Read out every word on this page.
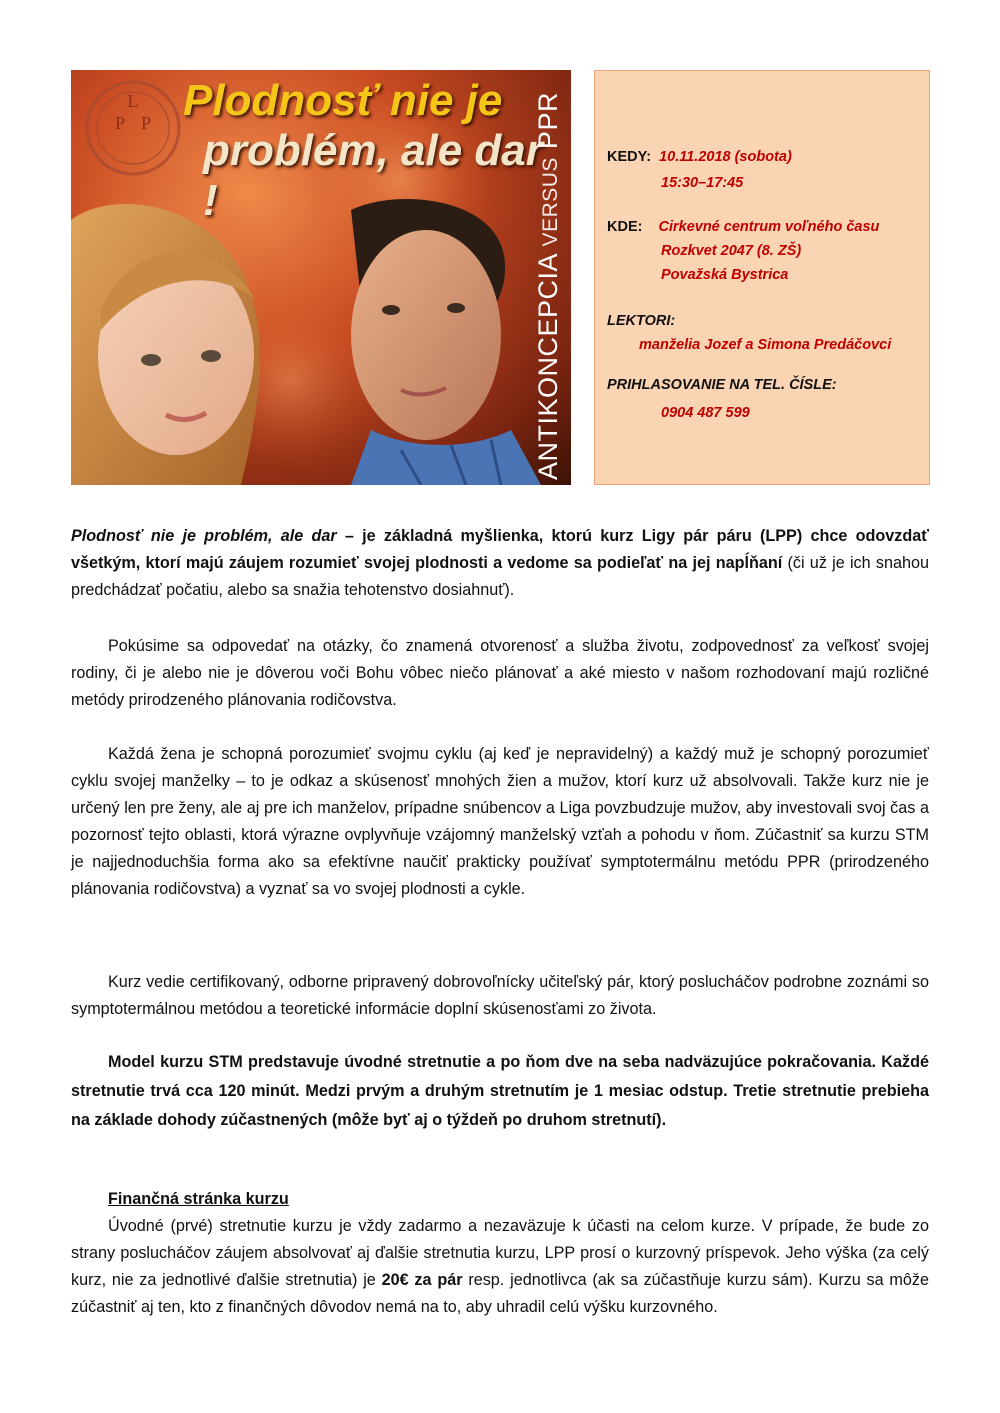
L
P P Plodnosť nie je
problém, ale dar !
ANTIKONCEPCIA VERSUS PPR
KEDY: 10.11.2018 (sobota)
15:30–17:45
KDE: Cirkevné centrum voľného času
Rozkvet 2047 (8. ZŠ)
Považská Bystrica
LEKTORI:
manželia Jozef a Simona Predáčovci
PRIHLASOVANIE NA TEL. ČÍSLE:
0904 487 599

Plodnosť nie je problém, ale dar – je základná myšlienka, ktorú kurz Ligy pár páru (LPP) chce odovzdať všetkým, ktorí majú záujem rozumieť svojej plodnosti a vedome sa podieľať na jej napĺňaní (či už je ich snahou predchádzať počatiu, alebo sa snažia tehotenstvo dosiahnuť).

Pokúsime sa odpovedať na otázky, čo znamená otvorenosť a služba životu, zodpovednosť za veľkosť svojej rodiny, či je alebo nie je dôverou voči Bohu vôbec niečo plánovať a aké miesto v našom rozhodovaní majú rozličné metódy prirodzeného plánovania rodičovstva.

Každá žena je schopná porozumieť svojmu cyklu (aj keď je nepravidelný) a každý muž je schopný porozumieť cyklu svojej manželky – to je odkaz a skúsenosť mnohých žien a mužov, ktorí kurz už absolvovali. Takže kurz nie je určený len pre ženy, ale aj pre ich manželov, prípadne snúbencov a Liga povzbudzuje mužov, aby investovali svoj čas a pozornosť tejto oblasti, ktorá výrazne ovplyvňuje vzájomný manželský vzťah a pohodu v ňom. Zúčastniť sa kurzu STM je najjednoduchšia forma ako sa efektívne naučiť prakticky používať symptotermálnu metódu PPR (prirodzeného plánovania rodičovstva) a vyznať sa vo svojej plodnosti a cykle.

Kurz vedie certifikovaný, odborne pripravený dobrovoľnícky učiteľský pár, ktorý poslucháčov podrobne zoznámi so symptotermálnou metódou a teoretické informácie doplní skúsenosťami zo života.

Model kurzu STM predstavuje úvodné stretnutie a po ňom dve na seba nadväzujúce pokračovania. Každé stretnutie trvá cca 120 minút. Medzi prvým a druhým stretnutím je 1 mesiac odstup. Tretie stretnutie prebieha na základe dohody zúčastnených (môže byť aj o týždeň po druhom stretnutí).

Finančná stránka kurzu

Úvodné (prvé) stretnutie kurzu je vždy zadarmo a nezaväzuje k účasti na celom kurze. V prípade, že bude zo strany poslucháčov záujem absolvovať aj ďalšie stretnutia kurzu, LPP prosí o kurzovný príspevok. Jeho výška (za celý kurz, nie za jednotlivé ďalšie stretnutia) je 20€ za pár resp. jednotlivca (ak sa zúčastňuje kurzu sám). Kurzu sa môže zúčastniť aj ten, kto z finančných dôvodov nemá na to, aby uhradil celú výšku kurzovného.
